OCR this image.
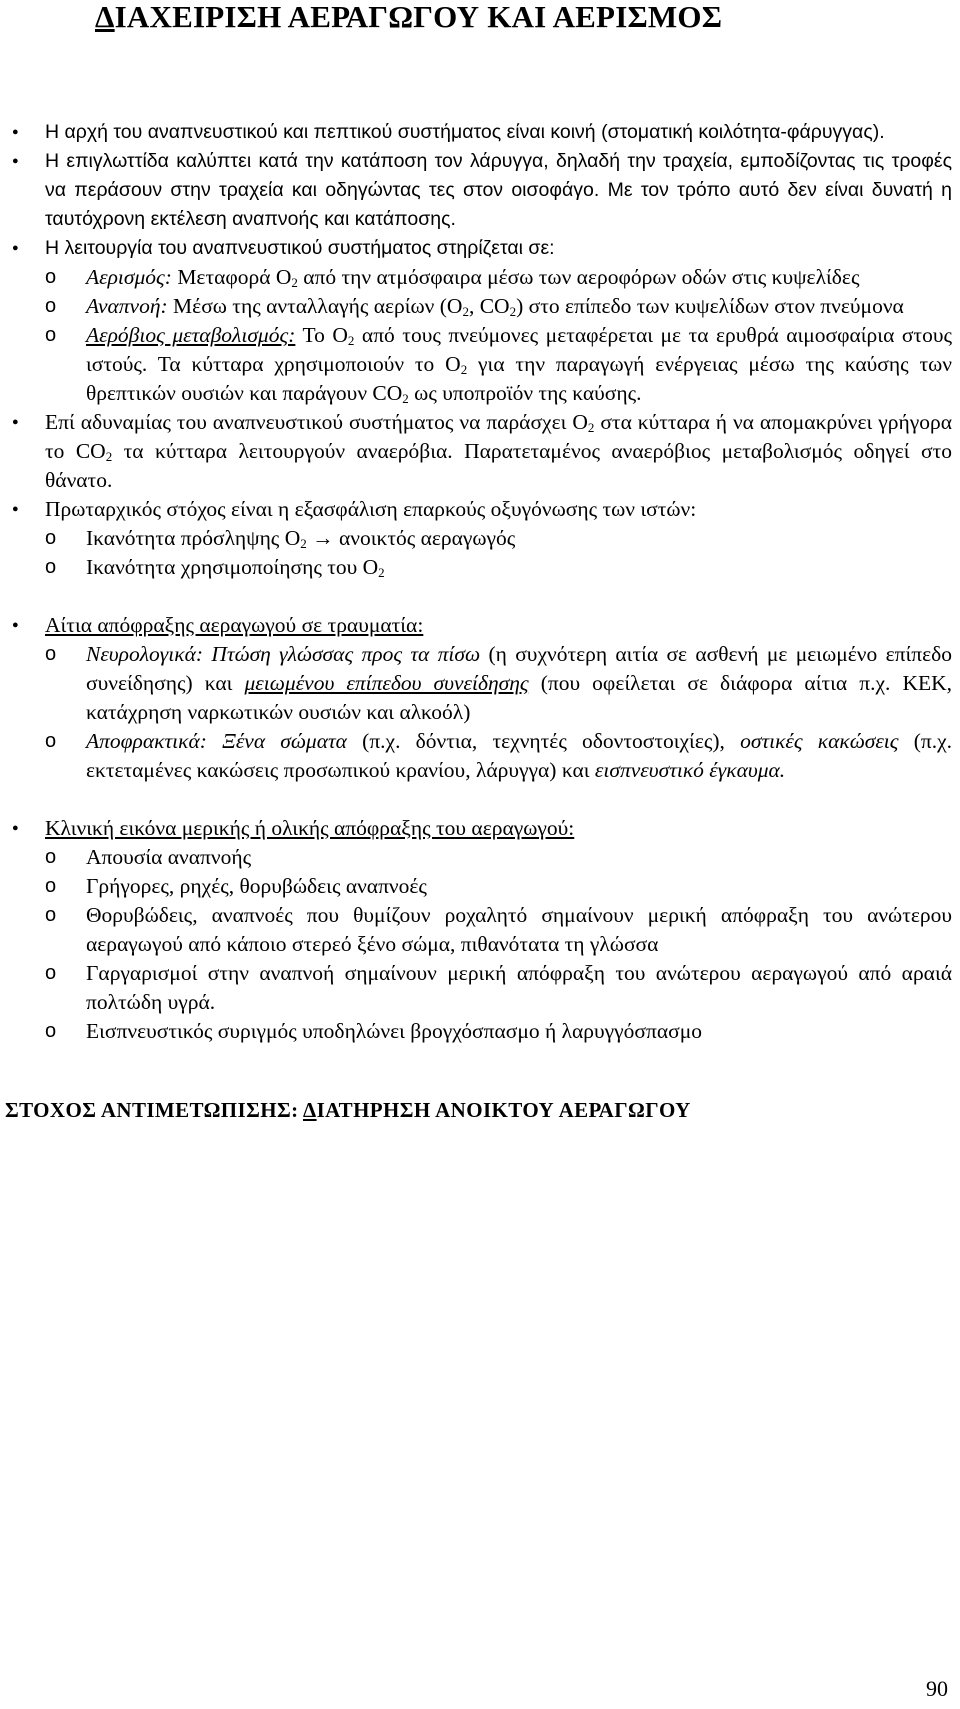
ΔΙΑΧΕΙΡΙΣΗ ΑΕΡΑΓΩΓΟΥ ΚΑΙ ΑΕΡΙΣΜΟΣ
● Η αρχή του αναπνευστικού και πεπτικού συστήματος είναι κοινή (στοματική κοιλότητα-φάρυγγας).
● Η επιγλωττίδα καλύπτει κατά την κατάποση τον λάρυγγα, δηλαδή την τραχεία, εμποδίζοντας τις τροφές να περάσουν στην τραχεία και οδηγώντας τες στον οισοφάγο. Με τον τρόπο αυτό δεν είναι δυνατή η ταυτόχρονη εκτέλεση αναπνοής και κατάποσης.
● Η λειτουργία του αναπνευστικού συστήματος στηρίζεται σε:
o Αερισμός: Μεταφορά $O_2$ από την ατμόσφαιρα μέσω των αεροφόρων οδών στις κυψελίδες
o Αναπνοή: Μέσω της ανταλλαγής αερίων ($O_2$, $CO_2$) στο επίπεδο των κυψελίδων στον πνεύμονα
o Αερόβιος μεταβολισμός: Το $O_2$ από τους πνεύμονες μεταφέρεται με τα ερυθρά αιμοσφαίρια στους ιστούς. Τα κύτταρα χρησιμοποιούν το $O_2$ για την παραγωγή ενέργειας μέσω της καύσης των θρεπτικών ουσιών και παράγουν $CO_2$ ως υποπροϊόν της καύσης.
● Επί αδυναμίας του αναπνευστικού συστήματος να παράσχει $O_2$ στα κύτταρα ή να απομακρύνει γρήγορα το $CO_2$ τα κύτταρα λειτουργούν αναερόβια. Παρατεταμένος αναερόβιος μεταβολισμός οδηγεί στο θάνατο.
● Πρωταρχικός στόχος είναι η εξασφάλιση επαρκούς οξυγόνωσης των ιστών:
o Ικανότητα πρόσληψης $O_2 \to \alpha\nu o\iota\kappa\tau ό\varsigma$ αεραγωγός
o Ικανότητα χρησιμοποίησης του $O_2$
● Αίτια απόφραξης αεραγωγού σε τραυματία:
o Νευρολογικά: Πτώση γλώσσας προς τα πίσω (η συχνότερη αιτία σε ασθενή με μειωμένο επίπεδο συνείδησης) και μειωμένου επίπεδου συνείδησης (που οφείλεται σε διάφορα αίτια π.χ. ΚΕΚ, κατάχρηση ναρκωτικών ουσιών και αλκοόλ)
o Αποφρακτικά: Ξένα σώματα (π.χ. δόντια, τεχνητές οδοντοστοιχίες), οστικές κακώσεις (π.χ. εκτεταμένες κακώσεις προσωπικού κρανίου, λάρυγγα) και εισπνευστικό έγκαυμα.
● Κλινική εικόνα μερικής ή ολικής απόφραξης του αεραγωγού:
o Απουσία αναπνοής
o Γρήγορες, ρηχές, θορυβώδεις αναπνοές
o Θορυβώδεις, αναπνοές που θυμίζουν ροχαλητό σημαίνουν μερική απόφραξη του ανώτερου αεραγωγού από κάποιο στερεό ξένο σώμα, πιθανότατα τη γλώσσα
o Γαργαρισμοί στην αναπνοή σημαίνουν μερική απόφραξη του ανώτερου αεραγωγού από αραιά πολτώδη υγρά.
o Εισπνευστικός συριγμός υποδηλώνει βρογχόσπασμο ή λαρυγγόσπασμο
ΣΤΟΧΟΣ ΑΝΤΙΜΕΤΩΠΙΣΗΣ: ΔΙΑΤΗΡΗΣΗ ΑΝΟΙΚΤΟΥ ΑΕΡΑΓΩΓΟΥ
90
